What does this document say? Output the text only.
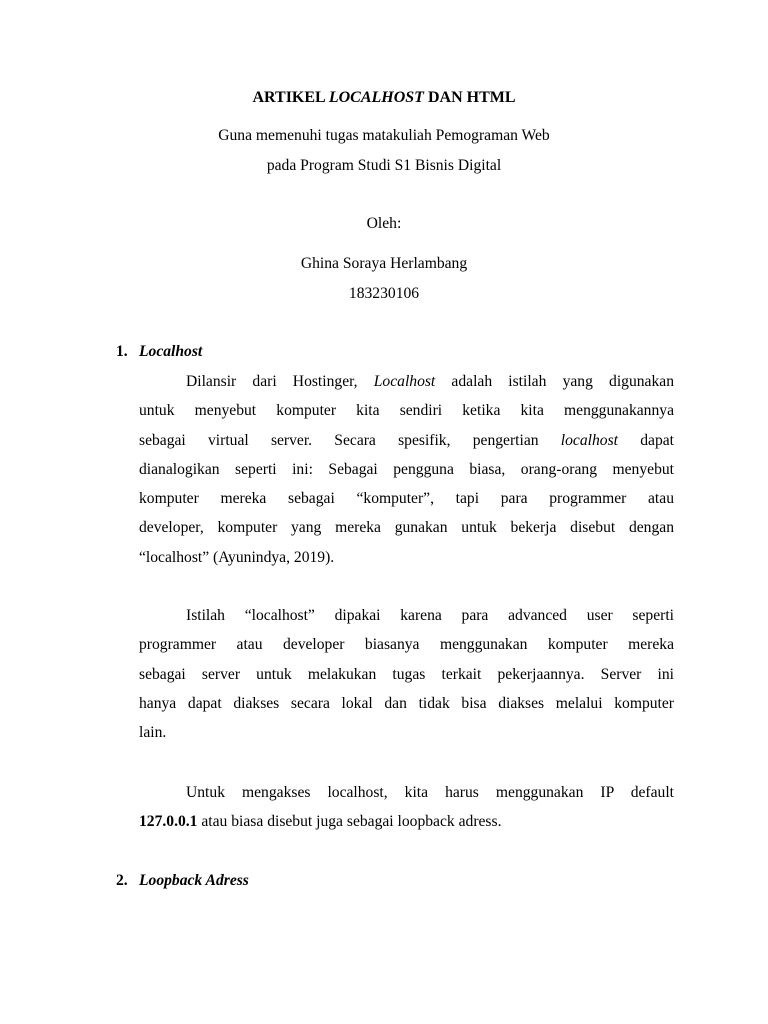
ARTIKEL LOCALHOST DAN HTML
Guna memenuhi tugas matakuliah Pemograman Web
pada Program Studi S1 Bisnis Digital
Oleh:
Ghina Soraya Herlambang
183230106
1. Localhost
Dilansir dari Hostinger, Localhost adalah istilah yang digunakan
untuk menyebut komputer kita sendiri ketika kita menggunakannya
sebagai virtual server. Secara spesifik, pengertian localhost dapat
dianalogikan seperti ini: Sebagai pengguna biasa, orang-orang menyebut
komputer mereka sebagai “komputer”, tapi para programmer atau
developer, komputer yang mereka gunakan untuk bekerja disebut dengan
“localhost” (Ayunindya, 2019).
Istilah “localhost” dipakai karena para advanced user seperti
programmer atau developer biasanya menggunakan komputer mereka
sebagai server untuk melakukan tugas terkait pekerjaannya. Server ini
hanya dapat diakses secara lokal dan tidak bisa diakses melalui komputer
lain.
Untuk mengakses localhost, kita harus menggunakan IP default
127.0.0.1 atau biasa disebut juga sebagai loopback adress.
2. Loopback Adress
